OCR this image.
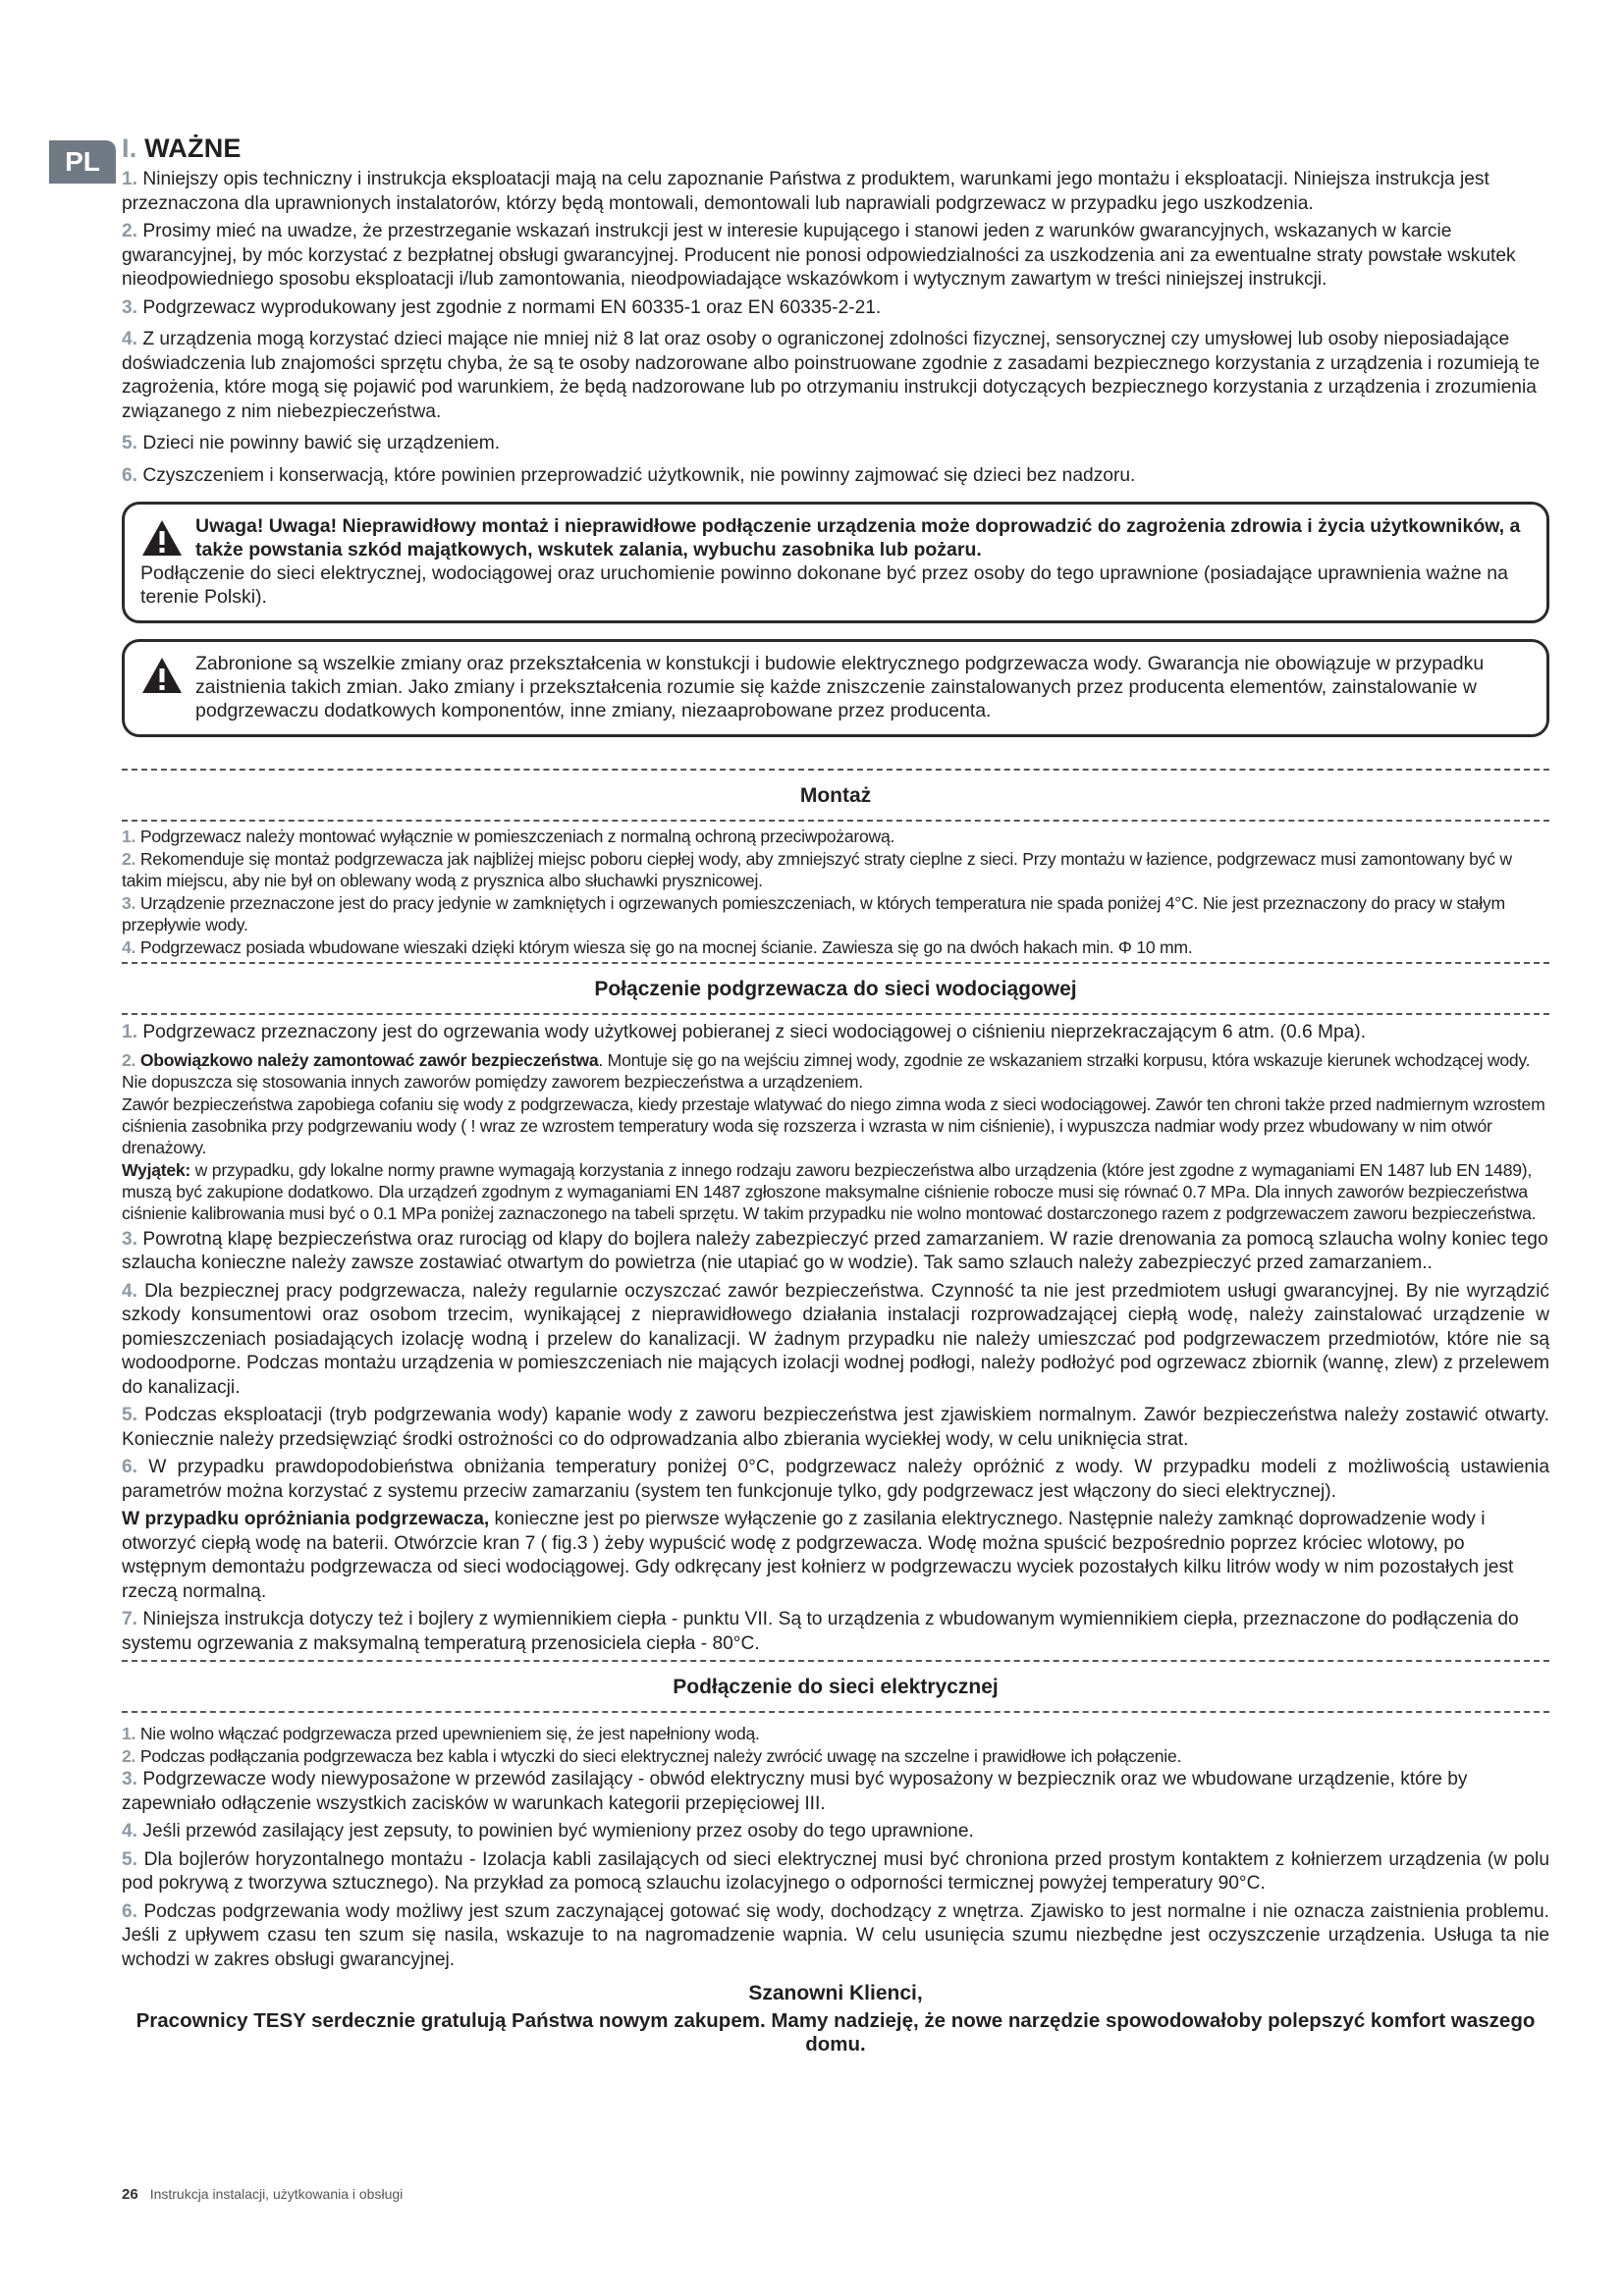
PL I. WAŻNE

1. Niniejszy opis techniczny i instrukcja eksploatacji mają na celu zapoznanie Państwa z produktem, warunkami jego montażu i eksploatacji. Niniejsza instrukcja jest przeznaczona dla uprawnionych instalatorów, którzy będą montowali, demontowali lub naprawiali podgrzewacz w przypadku jego uszkodzenia.

2. Prosimy mieć na uwadze, że przestrzeganie wskazań instrukcji jest w interesie kupującego i stanowi jeden z warunków gwarancyjnych, wskazanych w karcie gwarancyjnej, by móc korzystać z bezpłatnej obsługi gwarancyjnej. Producent nie ponosi odpowiedzialności za uszkodzenia ani za ewentualne straty powstałe wskutek nieodpowiedniego sposobu eksploatacji i/lub zamontowania, nieodpowiadające wskazówkom i wytycznym zawartym w treści niniejszej instrukcji.

3. Podgrzewacz wyprodukowany jest zgodnie z normami EN 60335-1 oraz EN 60335-2-21.

4. Z urządzenia mogą korzystać dzieci mające nie mniej niż 8 lat oraz osoby o ograniczonej zdolności fizycznej, sensorycznej czy umysłowej lub osoby nieposiadające doświadczenia lub znajomości sprzętu chyba, że są te osoby nadzorowane albo poinstruowane zgodnie z zasadami bezpiecznego korzystania z urządzenia i rozumieją te zagrożenia, które mogą się pojawić pod warunkiem, że będą nadzorowane lub po otrzymaniu instrukcji dotyczących bezpiecznego korzystania z urządzenia i zrozumienia związanego z nim niebezpieczeństwa.

5. Dzieci nie powinny bawić się urządzeniem.

6. Czyszczeniem i konserwacją, które powinien przeprowadzić użytkownik, nie powinny zajmować się dzieci bez nadzoru.

Uwaga! Uwaga! Nieprawidłowy montaż i nieprawidłowe podłączenie urządzenia może doprowadzić do zagrożenia zdrowia i życia użytkowników, a także powstania szkód majątkowych, wskutek zalania, wybuchu zasobnika lub pożaru.
Podłączenie do sieci elektrycznej, wodociągowej oraz uruchomienie powinno dokonane być przez osoby do tego uprawnione (posiadające uprawnienia ważne na terenie Polski).
Zabronione są wszelkie zmiany oraz przekształcenia w konstukcji i budowie elektrycznego podgrzewacza wody. Gwarancja nie obowiązuje w przypadku zaistnienia takich zmian. Jako zmiany i przekształcenia rozumie się każde zniszczenie zainstalowanych przez producenta elementów, zainstalowanie w podgrzewaczu dodatkowych komponentów, inne zmiany, niezaaprobowane przez producenta.
Montaż

1. Podgrzewacz należy montować wyłącznie w pomieszczeniach z normalną ochroną przeciwpożarową.

2. Rekomenduje się montaż podgrzewacza jak najbliżej miejsc poboru ciepłej wody, aby zmniejszyć straty cieplne z sieci. Przy montażu w łazience, podgrzewacz musi zamontowany być w takim miejscu, aby nie był on oblewany wodą z prysznica albo słuchawki prysznicowej.

3. Urządzenie przeznaczone jest do pracy jedynie w zamkniętych i ogrzewanych pomieszczeniach, w których temperatura nie spada poniżej 4°C. Nie jest przeznaczony do pracy w stałym przepływie wody.

4. Podgrzewacz posiada wbudowane wieszaki dzięki którym wiesza się go na mocnej ścianie. Zawiesza się go na dwóch hakach min. Φ 10 mm.

Połączenie podgrzewacza do sieci wodociągowej

1. Podgrzewacz przeznaczony jest do ogrzewania wody użytkowej pobieranej z sieci wodociągowej o ciśnieniu nieprzekraczającym 6 atm. (0.6 Mpa).

2. Obowiązkowo należy zamontować zawór bezpieczeństwa. Montuje się go na wejściu zimnej wody, zgodnie ze wskazaniem strzałki korpusu, która wskazuje kierunek wchodzącej wody. Nie dopuszcza się stosowania innych zaworów pomiędzy zaworem bezpieczeństwa a urządzeniem.

Zawór bezpieczeństwa zapobiega cofaniu się wody z podgrzewacza, kiedy przestaje wlatywać do niego zimna woda z sieci wodociągowej. Zawór ten chroni także przed nadmiernym wzrostem ciśnienia zasobnika przy podgrzewaniu wody ( ! wraz ze wzrostem temperatury woda się rozszerza i wzrasta w nim ciśnienie), i wypuszcza nadmiar wody przez wbudowany w nim otwór drenażowy.

Wyjątek: w przypadku, gdy lokalne normy prawne wymagają korzystania z innego rodzaju zaworu bezpieczeństwa albo urządzenia (które jest zgodne z wymaganiami EN 1487 lub EN 1489), muszą być zakupione dodatkowo. Dla urządzeń zgodnym z wymaganiami EN 1487 zgłoszone maksymalne ciśnienie robocze musi się równać 0.7 MPa. Dla innych zaworów bezpieczeństwa ciśnienie kalibrowania musi być o 0.1 MPa poniżej zaznaczonego na tabeli sprzętu. W takim przypadku nie wolno montować dostarczonego razem z podgrzewaczem zaworu bezpieczeństwa.

3. Powrotną klapę bezpieczeństwa oraz rurociąg od klapy do bojlera należy zabezpieczyć przed zamarzaniem. W razie drenowania za pomocą szlaucha wolny koniec tego szlaucha konieczne należy zawsze zostawiać otwartym do powietrza (nie utapiać go w wodzie). Tak samo szlauch należy zabezpieczyć przed zamarzaniem..

4. Dla bezpiecznej pracy podgrzewacza, należy regularnie oczyszczać zawór bezpieczeństwa. Czynność ta nie jest przedmiotem usługi gwarancyjnej. By nie wyrządzić szkody konsumentowi oraz osobom trzecim, wynikającej z nieprawidłowego działania instalacji rozprowadzającej ciepłą wodę, należy zainstalować urządzenie w pomieszczeniach posiadających izolację wodną i przelew do kanalizacji. W żadnym przypadku nie należy umieszczać pod podgrzewaczem przedmiotów, które nie są wodoodporne. Podczas montażu urządzenia w pomieszczeniach nie mających izolacji wodnej podłogi, należy podłożyć pod ogrzewacz zbiornik (wannę, zlew) z przelewem do kanalizacji.

5. Podczas eksploatacji (tryb podgrzewania wody) kapanie wody z zaworu bezpieczeństwa jest zjawiskiem normalnym. Zawór bezpieczeństwa należy zostawić otwarty. Koniecznie należy przedsięwziąć środki ostrożności co do odprowadzania albo zbierania wyciekłej wody, w celu uniknięcia strat.

6. W przypadku prawdopodobieństwa obniżania temperatury poniżej 0°C, podgrzewacz należy opróżnić z wody. W przypadku modeli z możliwością ustawienia parametrów można korzystać z systemu przeciw zamarzaniu (system ten funkcjonuje tylko, gdy podgrzewacz jest włączony do sieci elektrycznej).

W przypadku opróżniania podgrzewacza, konieczne jest po pierwsze wyłączenie go z zasilania elektrycznego. Następnie należy zamknąć doprowadzenie wody i otworzyć ciepłą wodę na baterii. Otwórzcie kran 7 ( fig.3 ) żeby wypuścić wodę z podgrzewacza. Wodę można spuścić bezpośrednio poprzez króciec wlotowy, po wstępnym demontażu podgrzewacza od sieci wodociągowej. Gdy odkręcany jest kołnierz w podgrzewaczu wyciek pozostałych kilku litrów wody w nim pozostałych jest rzeczą normalną.

7. Niniejsza instrukcja dotyczy też i bojlery z wymiennikiem ciepła - punktu VII. Są to urządzenia z wbudowanym wymiennikiem ciepła, przeznaczone do podłączenia do systemu ogrzewania z maksymalną temperaturą przenosiciela ciepła - 80°C.

Podłączenie do sieci elektrycznej

1. Nie wolno włączać podgrzewacza przed upewnieniem się, że jest napełniony wodą.

2. Podczas podłączania podgrzewacza bez kabla i wtyczki do sieci elektrycznej należy zwrócić uwagę na szczelne i prawidłowe ich połączenie.

3. Podgrzewacze wody niewyposażone w przewód zasilający - obwód elektryczny musi być wyposażony w bezpiecznik oraz we wbudowane urządzenie, które by zapewniało odłączenie wszystkich zacisków w warunkach kategorii przepięciowej III.

4. Jeśli przewód zasilający jest zepsuty, to powinien być wymieniony przez osoby do tego uprawnione.

5. Dla bojlerów horyzontalnego montażu - Izolacja kabli zasilających od sieci elektrycznej musi być chroniona przed prostym kontaktem z kołnierzem urządzenia (w polu pod pokrywą z tworzywa sztucznego). Na przykład za pomocą szlauchu izolacyjnego o odporności termicznej powyżej temperatury 90°C.

6. Podczas podgrzewania wody możliwy jest szum zaczynającej gotować się wody, dochodzący z wnętrza. Zjawisko to jest normalne i nie oznacza zaistnienia problemu. Jeśli z upływem czasu ten szum się nasila, wskazuje to na nagromadzenie wapnia. W celu usunięcia szumu niezbędne jest oczyszczenie urządzenia. Usługa ta nie wchodzi w zakres obsługi gwarancyjnej.

Szanowni Klienci,
Pracownicy TESY serdecznie gratulują Państwa nowym zakupem. Mamy nadzieję, że nowe narzędzie spowodowałoby polepszyć komfort waszego domu.
26 Instrukcja instalacji, użytkowania i obsługi
